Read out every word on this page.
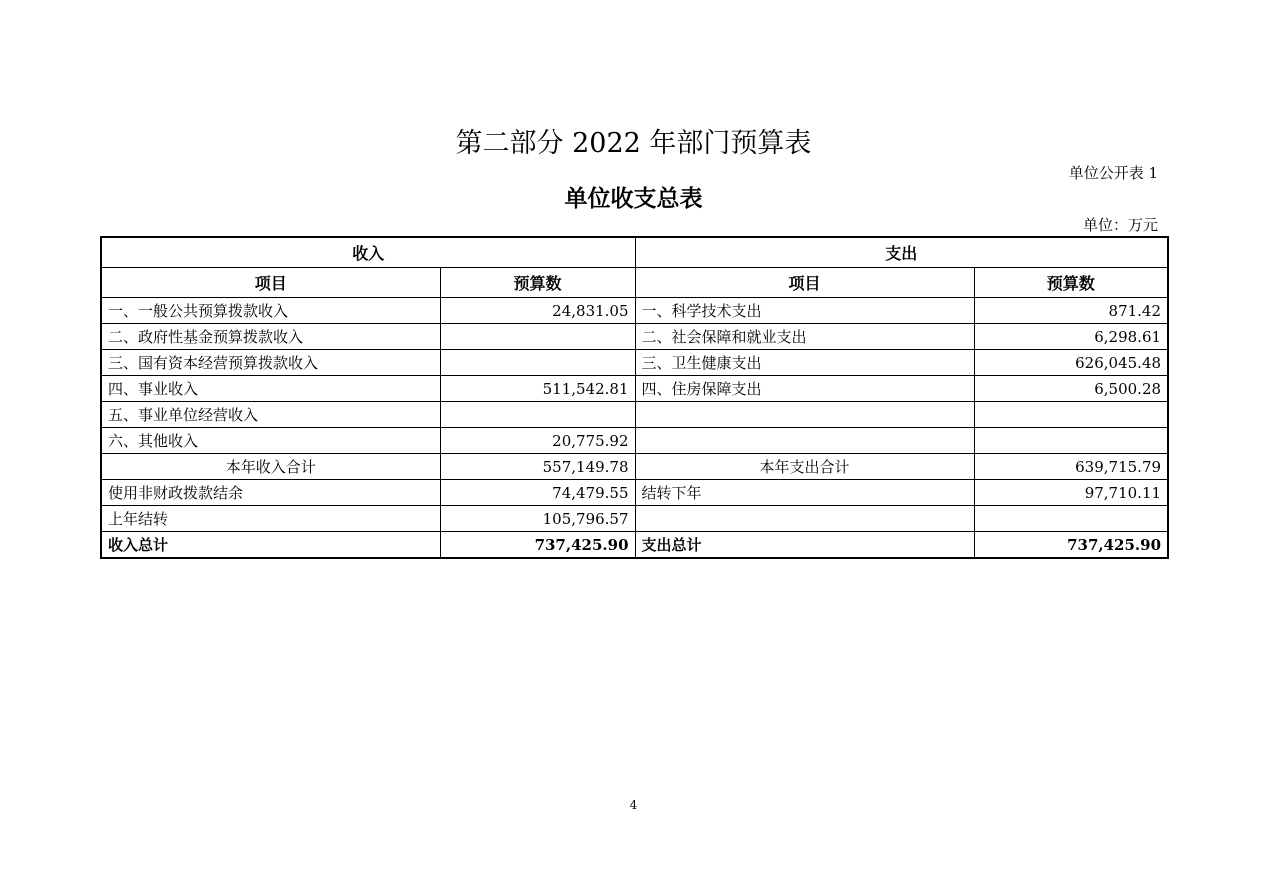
第二部分 2022 年部门预算表
单位公开表 1
单位收支总表
单位：万元
收入		支出	
项目	预算数	项目	预算数
一、一般公共预算拨款收入	24,831.05	一、科学技术支出	871.42
二、政府性基金预算拨款收入		二、社会保障和就业支出	6,298.61
三、国有资本经营预算拨款收入		三、卫生健康支出	626,045.48
四、事业收入	511,542.81	四、住房保障支出	6,500.28
五、事业单位经营收入			
六、其他收入	20,775.92		
本年收入合计	557,149.78	本年支出合计	639,715.79
使用非财政拨款结余	74,479.55	结转下年	97,710.11
上年结转	105,796.57		
收入总计	737,425.90	支出总计	737,425.90
4
